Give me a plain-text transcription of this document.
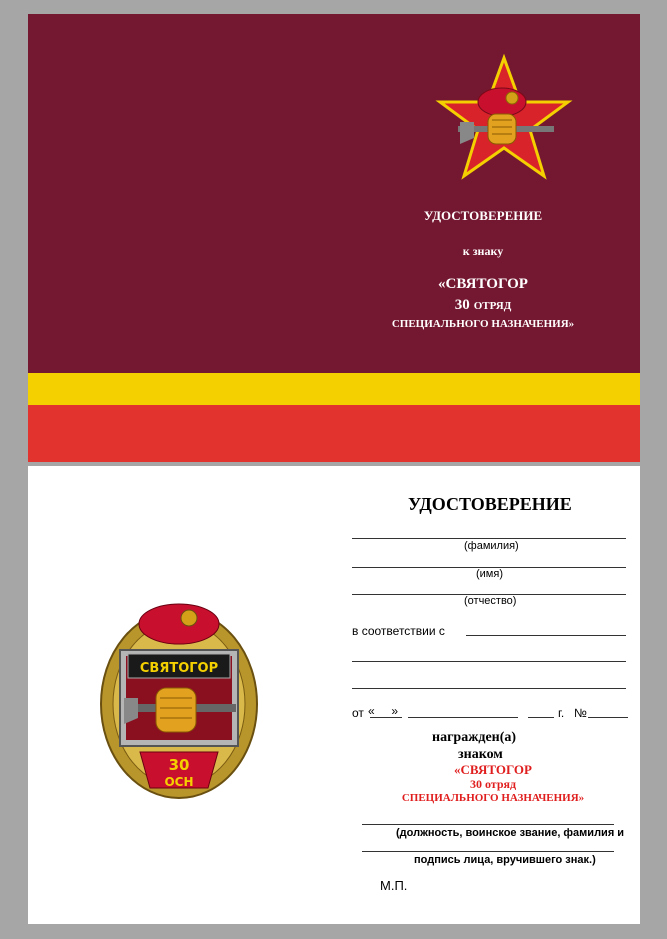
УДОСТОВЕРЕНИЕ
к знаку
«СВЯТОГОР
30 ОТРЯД
СПЕЦИАЛЬНОГО НАЗНАЧЕНИЯ»
СВЯТОГОР
30
ОСН
УДОСТОВЕРЕНИЕ
(фамилия)
(имя)
(отчество)
в соответствии с
от «     »	г. №
награжден(а)
знаком
«СВЯТОГОР
30 отряд
СПЕЦИАЛЬНОГО НАЗНАЧЕНИЯ»
(должность, воинское звание, фамилия и
подпись лица, вручившего знак.)
М.П.
